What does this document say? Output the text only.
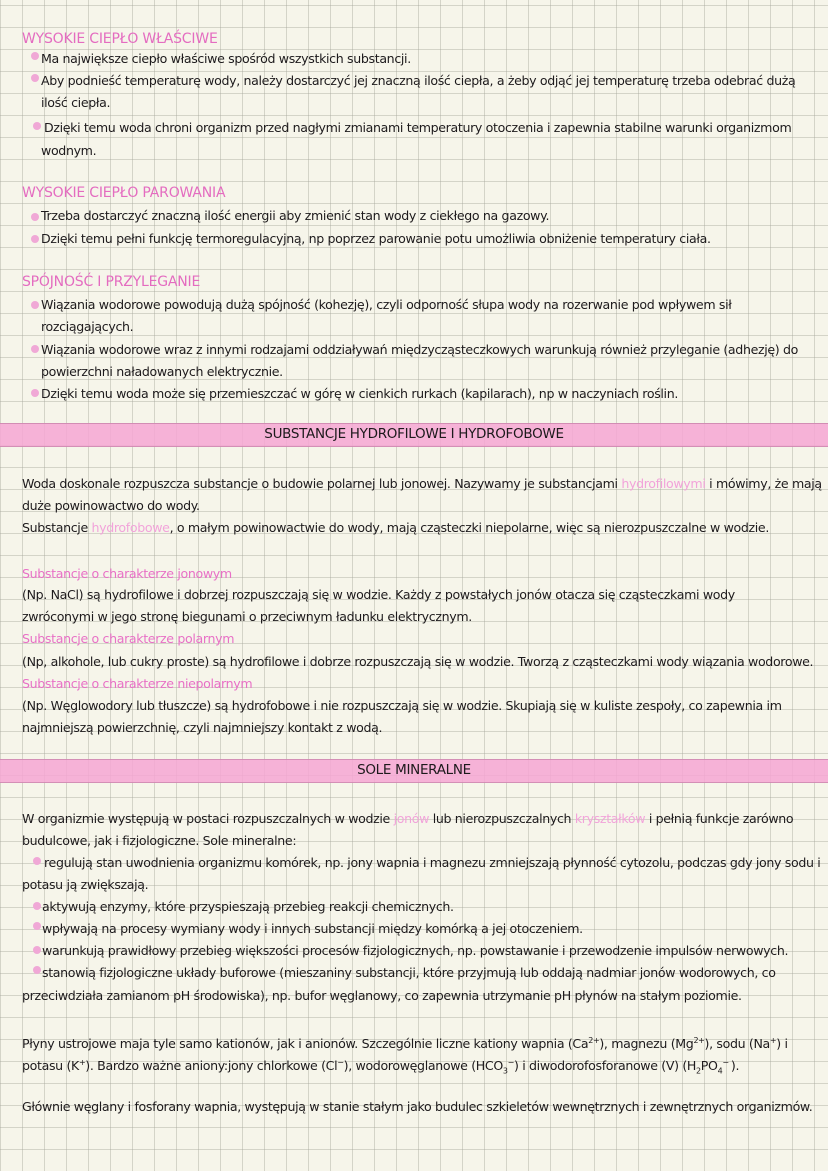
WYSOKIE CIEPŁO WŁAŚCIWE
Ma największe ciepło właściwe spośród wszystkich substancji.
Aby podnieść temperaturę wody, należy dostarczyć jej znaczną ilość ciepła, a żeby odjąć jej temperaturę trzeba odebrać dużą
ilość ciepła.
Dzięki temu woda chroni organizm przed nagłymi zmianami temperatury otoczenia i zapewnia stabilne warunki organizmom
wodnym.
WYSOKIE CIEPŁO PAROWANIA
Trzeba dostarczyć znaczną ilość energii aby zmienić stan wody z ciekłego na gazowy.
Dzięki temu pełni funkcję termoregulacyjną, np poprzez parowanie potu umożliwia obniżenie temperatury ciała.
SPÓJNOŚĆ I PRZYLEGANIE
Wiązania wodorowe powodują dużą spójność (kohezję), czyli odporność słupa wody na rozerwanie pod wpływem sił
rozciągających.
Wiązania wodorowe wraz z innymi rodzajami oddziaływań międzycząsteczkowych warunkują również przyleganie (adhezję) do
powierzchni naładowanych elektrycznie.
Dzięki temu woda może się przemieszczać w górę w cienkich rurkach (kapilarach), np w naczyniach roślin.
SUBSTANCJE HYDROFILOWE I HYDROFOBOWE
Woda doskonale rozpuszcza substancje o budowie polarnej lub jonowej. Nazywamy je substancjami hydrofilowymi i mówimy, że mają
duże powinowactwo do wody.
Substancje hydrofobowe, o małym powinowactwie do wody, mają cząsteczki niepolarne, więc są nierozpuszczalne w wodzie.
Substancje o charakterze jonowym
(Np. NaCl) są hydrofilowe i dobrzej rozpuszczają się w wodzie. Każdy z powstałych jonów otacza się cząsteczkami wody
zwróconymi w jego stronę biegunami o przeciwnym ładunku elektrycznym.
Substancje o charakterze polarnym
(Np, alkohole, lub cukry proste) są hydrofilowe i dobrze rozpuszczają się w wodzie. Tworzą z cząsteczkami wody wiązania wodorowe.
Substancje o charakterze niepolarnym
(Np. Węglowodory lub tłuszcze) są hydrofobowe i nie rozpuszczają się w wodzie. Skupiają się w kuliste zespoły, co zapewnia im
najmniejszą powierzchnię, czyli najmniejszy kontakt z wodą.
SOLE MINERALNE
W organizmie występują w postaci rozpuszczalnych w wodzie jonów lub nierozpuszczalnych kryształków i pełnią funkcje zarówno
budulcowe, jak i fizjologiczne. Sole mineralne:
regulują stan uwodnienia organizmu komórek, np. jony wapnia i magnezu zmniejszają płynność cytozolu, podczas gdy jony sodu i
potasu ją zwiększają.
aktywują enzymy, które przyspieszają przebieg reakcji chemicznych.
wpływają na procesy wymiany wody i innych substancji między komórką a jej otoczeniem.
warunkują prawidłowy przebieg większości procesów fizjologicznych, np. powstawanie i przewodzenie impulsów nerwowych.
stanowią fizjologiczne układy buforowe (mieszaniny substancji, które przyjmują lub oddają nadmiar jonów wodorowych, co
przeciwdziała zamianom pH środowiska), np. bufor węglanowy, co zapewnia utrzymanie pH płynów na stałym poziomie.
Płyny ustrojowe maja tyle samo kationów, jak i anionów. Szczególnie liczne kationy wapnia $(Ca^{2+})$, magnezu $(Mg^{2+})$, sodu (Na+) i
potasu (K+). Bardzo ważne aniony:jony chlorkowe (Cl−), wodorowęglanowe $(HCO_3^-)$ i diwodorofosforanowe (V) ($H_2PO_4^-$ ).
Głównie węglany i fosforany wapnia, występują w stanie stałym jako budulec szkieletów wewnętrznych i zewnętrznych organizmów.
